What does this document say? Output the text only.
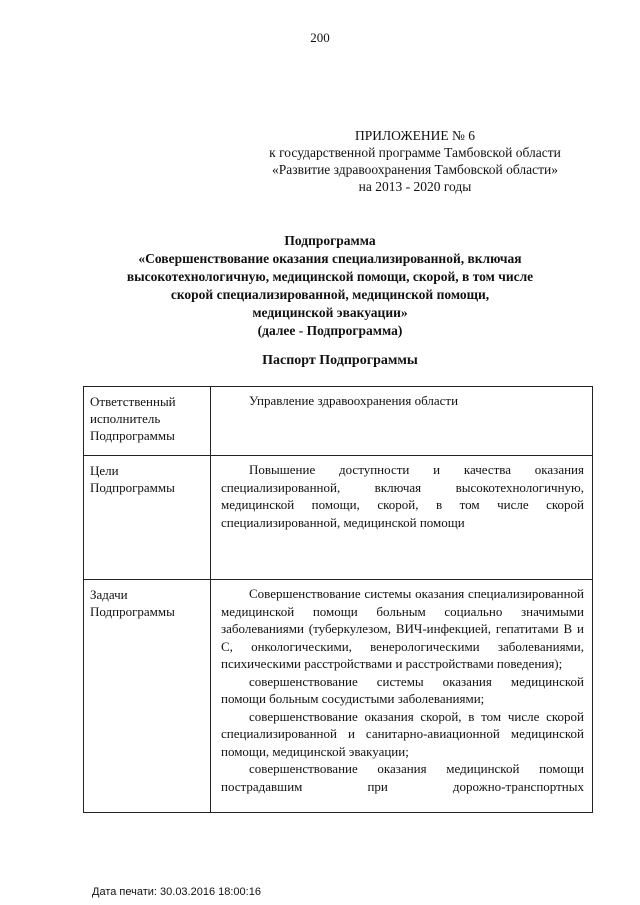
200
ПРИЛОЖЕНИЕ № 6
к государственной программе Тамбовской области
«Развитие здравоохранения Тамбовской области»
на 2013 - 2020 годы
Подпрограмма
«Совершенствование оказания специализированной, включая
высокотехнологичную, медицинской помощи, скорой, в том числе
скорой специализированной, медицинской помощи,
медицинской эвакуации»
(далее - Подпрограмма)
Паспорт Подпрограммы
Ответственный исполнитель Подпрограммы	Управление здравоохранения области

Цели Подпрограммы	Повышение доступности и качества оказания специализированной, включая высокотехнологичную, медицинской помощи, скорой, в том числе скорой специализированной, медицинской помощи

Задачи Подпрограммы	Совершенствование системы оказания специализированной медицинской помощи больным социально значимыми заболеваниями (туберкулезом, ВИЧ-инфекцией, гепатитами В и С, онкологическими, венерологическими заболеваниями, психическими расстройствами и расстройствами поведения);
совершенствование системы оказания медицинской помощи больным сосудистыми заболеваниями;
совершенствование оказания скорой, в том числе скорой специализированной и санитарно-авиационной медицинской помощи, медицинской эвакуации;
совершенствование оказания медицинской помощи пострадавшим при дорожно-транспортных
Дата печати: 30.03.2016 18:00:16
